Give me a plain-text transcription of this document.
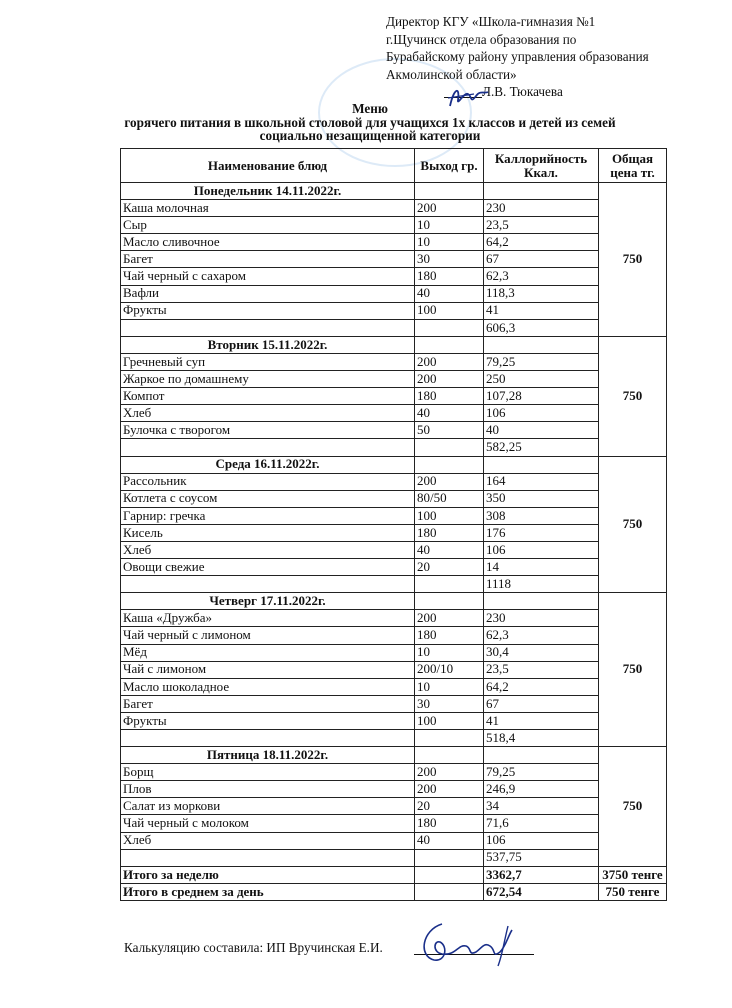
Директор КГУ «Школа-гимназия №1
г.Щучинск отдела образования по
Бурабайскому району управления образования
Акмолинской области»
Л.В. Тюкачева
Меню
горячего питания в школьной столовой для учащихся 1х классов и детей из семей
социально незащищенной категории
Наименование блюд	Выход гр.	Каллорийность Ккал.	Общая цена тг.
Понедельник 14.11.2022г.			750
Каша молочная	200	230	
Сыр	10	23,5	
Масло сливочное	10	64,2	
Багет	30	67	
Чай черный с сахаром	180	62,3	
Вафли	40	118,3	
Фрукты	100	41	
		606,3	
Вторник 15.11.2022г.			750
Гречневый суп	200	79,25	
Жаркое по домашнему	200	250	
Компот	180	107,28	
Хлеб	40	106	
Булочка с творогом	50	40	
		582,25	
Среда 16.11.2022г.			750
Рассольник	200	164	
Котлета с соусом	80/50	350	
Гарнир: гречка	100	308	
Кисель	180	176	
Хлеб	40	106	
Овощи свежие	20	14	
		1118	
Четверг 17.11.2022г.			750
Каша «Дружба»	200	230	
Чай черный с лимоном	180	62,3	
Мёд	10	30,4	
Чай с лимоном	200/10	23,5	
Масло шоколадное	10	64,2	
Багет	30	67	
Фрукты	100	41	
		518,4	
Пятница 18.11.2022г.			750
Борщ	200	79,25	
Плов	200	246,9	
Салат из моркови	20	34	
Чай черный с молоком	180	71,6	
Хлеб	40	106	
		537,75	
Итого за неделю		3362,7	3750 тенге
Итого в среднем за день		672,54	750 тенге
Калькуляцию составила: ИП Вручинская Е.И.
